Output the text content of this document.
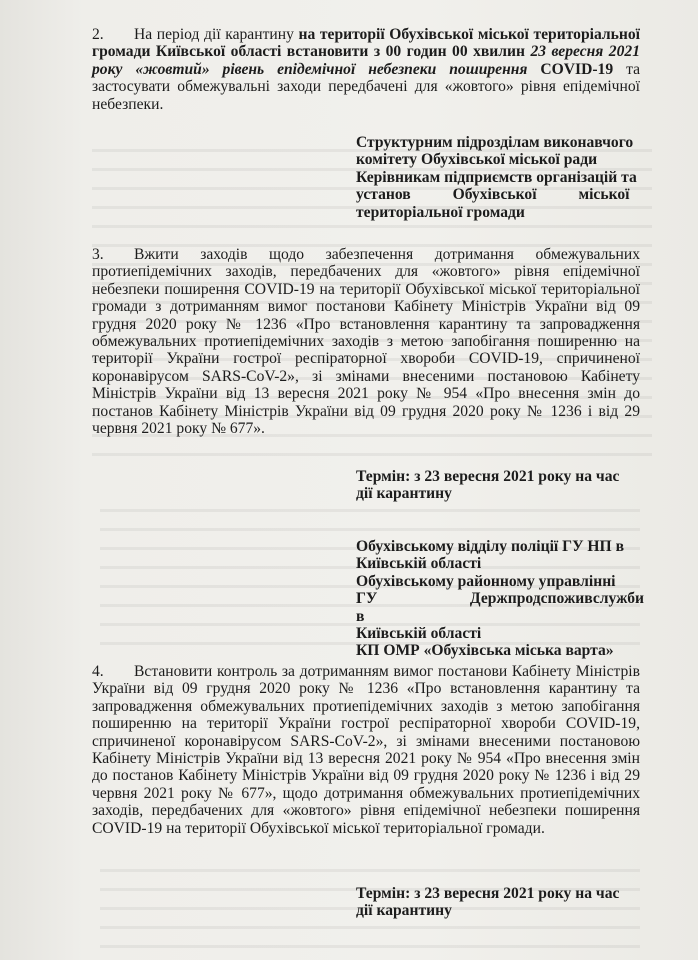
2. На період дії карантину на території Обухівської міської територіальної громади Київської області встановити з 00 годин 00 хвилин 23 вересня 2021 року «жовтий» рівень епідемічної небезпеки поширення COVID-19 та застосувати обмежувальні заходи передбачені для «жовтого» рівня епідемічної небезпеки.
Структурним підрозділам виконавчого
комітету Обухівської міської ради
Керівникам підприємств організацій та
установ Обухівської міської
територіальної громади
3. Вжити заходів щодо забезпечення дотримання обмежувальних протиепідемічних заходів, передбачених для «жовтого» рівня епідемічної небезпеки поширення COVID-19 на території Обухівської міської територіальної громади з дотриманням вимог постанови Кабінету Міністрів України від 09 грудня 2020 року № 1236 «Про встановлення карантину та запровадження обмежувальних протиепідемічних заходів з метою запобігання поширенню на території України гострої респіраторної хвороби COVID-19, спричиненої коронавірусом SARS-CoV-2», зі змінами внесеними постановою Кабінету Міністрів України від 13 вересня 2021 року № 954 «Про внесення змін до постанов Кабінету Міністрів України від 09 грудня 2020 року № 1236 і від 29 червня 2021 року № 677».
Термін: з 23 вересня 2021 року на час
дії карантину
Обухівському відділу поліції ГУ НП в
Київській області
Обухівському районному управлінні
ГУ Держпродспоживслужби в
Київській області
КП ОМР «Обухівська міська варта»
4. Встановити контроль за дотриманням вимог постанови Кабінету Міністрів України від 09 грудня 2020 року № 1236 «Про встановлення карантину та запровадження обмежувальних протиепідемічних заходів з метою запобігання поширенню на території України гострої респіраторної хвороби COVID-19, спричиненої коронавірусом SARS-CoV-2», зі змінами внесеними постановою Кабінету Міністрів України від 13 вересня 2021 року № 954 «Про внесення змін до постанов Кабінету Міністрів України від 09 грудня 2020 року № 1236 і від 29 червня 2021 року № 677», щодо дотримання обмежувальних протиепідемічних заходів, передбачених для «жовтого» рівня епідемічної небезпеки поширення COVID-19 на території Обухівської міської територіальної громади.
Термін: з 23 вересня 2021 року на час
дії карантину
